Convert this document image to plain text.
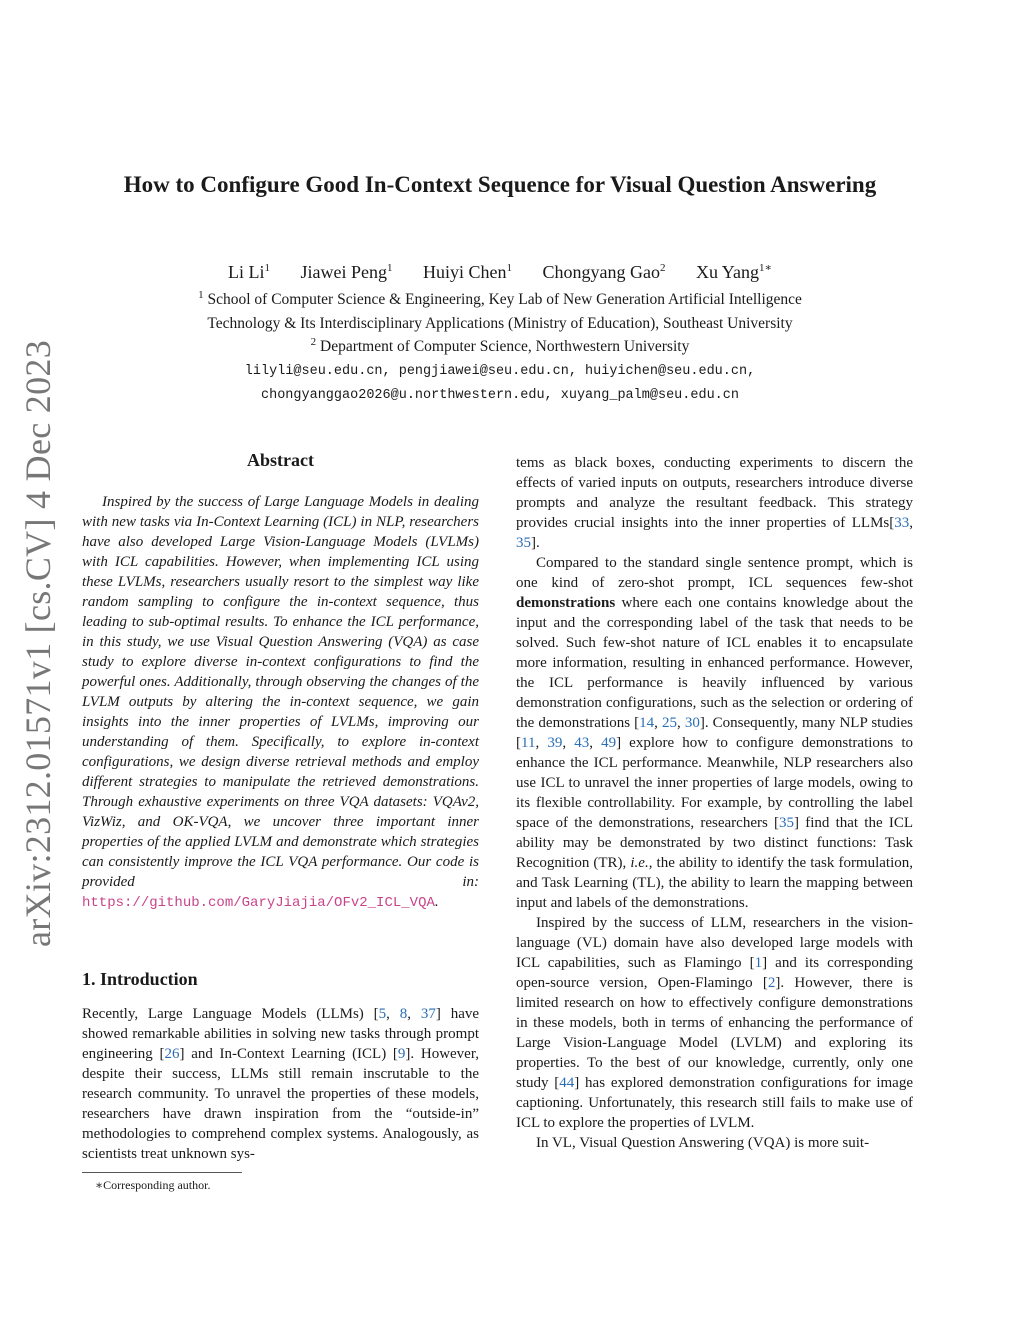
arXiv:2312.01571v1 [cs.CV] 4 Dec 2023
How to Configure Good In-Context Sequence for Visual Question Answering
Li Li$^1$ Jiawei Peng$^1$ Huiyi Chen$^1$ Chongyang Gao$^2$ Xu Yang$^{1∗}$
$^1$ School of Computer Science & Engineering, Key Lab of New Generation Artificial Intelligence
Technology & Its Interdisciplinary Applications (Ministry of Education), Southeast University
$^2$ Department of Computer Science, Northwestern University
lilyli@seu.edu.cn, pengjiawei@seu.edu.cn, huiyichen@seu.edu.cn,
chongyanggao2026@u.northwestern.edu, xuyang_palm@seu.edu.cn
Abstract

Inspired by the success of Large Language Models in dealing with new tasks via In-Context Learning (ICL) in NLP, researchers have also developed Large Vision-Language Models (LVLMs) with ICL capabilities. However, when implementing ICL using these LVLMs, researchers usually resort to the simplest way like random sampling to configure the in-context sequence, thus leading to sub-optimal results. To enhance the ICL performance, in this study, we use Visual Question Answering (VQA) as case study to explore diverse in-context configurations to find the powerful ones. Additionally, through observing the changes of the LVLM outputs by altering the in-context sequence, we gain insights into the inner properties of LVLMs, improving our understanding of them. Specifically, to explore in-context configurations, we design diverse retrieval methods and employ different strategies to manipulate the retrieved demonstrations. Through exhaustive experiments on three VQA datasets: VQAv2, VizWiz, and OK-VQA, we uncover three important inner properties of the applied LVLM and demonstrate which strategies can consistently improve the ICL VQA performance. Our code is provided in: https://github.com/GaryJiajia/OFv2_ICL_VQA.

1. Introduction

Recently, Large Language Models (LLMs) [5, 8, 37] have showed remarkable abilities in solving new tasks through prompt engineering [26] and In-Context Learning (ICL) [9]. However, despite their success, LLMs still remain inscrutable to the research community. To unravel the properties of these models, researchers have drawn inspiration from the “outside-in” methodologies to comprehend complex systems. Analogously, as scientists treat unknown sys-

∗Corresponding author.

tems as black boxes, conducting experiments to discern the effects of varied inputs on outputs, researchers introduce diverse prompts and analyze the resultant feedback. This strategy provides crucial insights into the inner properties of LLMs[33, 35].

Compared to the standard single sentence prompt, which is one kind of zero-shot prompt, ICL sequences few-shot demonstrations where each one contains knowledge about the input and the corresponding label of the task that needs to be solved. Such few-shot nature of ICL enables it to encapsulate more information, resulting in enhanced performance. However, the ICL performance is heavily influenced by various demonstration configurations, such as the selection or ordering of the demonstrations [14, 25, 30]. Consequently, many NLP studies [11, 39, 43, 49] explore how to configure demonstrations to enhance the ICL performance. Meanwhile, NLP researchers also use ICL to unravel the inner properties of large models, owing to its flexible controllability. For example, by controlling the label space of the demonstrations, researchers [35] find that the ICL ability may be demonstrated by two distinct functions: Task Recognition (TR), i.e., the ability to identify the task formulation, and Task Learning (TL), the ability to learn the mapping between input and labels of the demonstrations.

Inspired by the success of LLM, researchers in the vision-language (VL) domain have also developed large models with ICL capabilities, such as Flamingo [1] and its corresponding open-source version, Open-Flamingo [2]. However, there is limited research on how to effectively configure demonstrations in these models, both in terms of enhancing the performance of Large Vision-Language Model (LVLM) and exploring its properties. To the best of our knowledge, currently, only one study [44] has explored demonstration configurations for image captioning. Unfortunately, this research still fails to make use of ICL to explore the properties of LVLM.

In VL, Visual Question Answering (VQA) is more suit-
